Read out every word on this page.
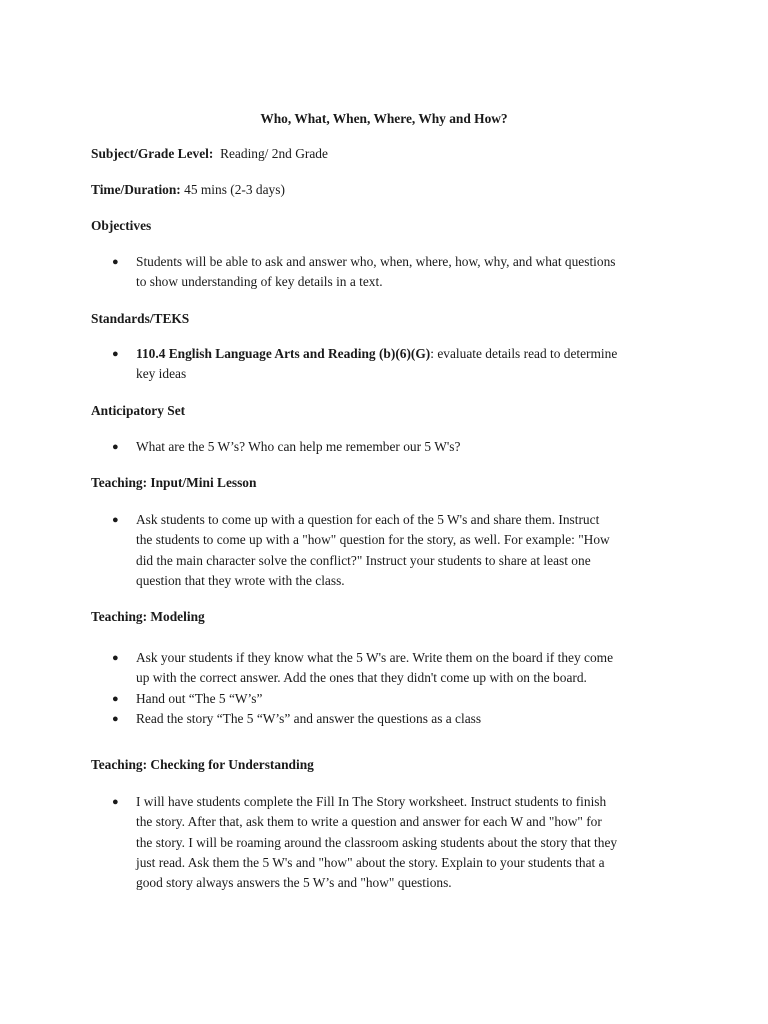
Who, What, When, Where, Why and How?
Subject/Grade Level: Reading/ 2nd Grade
Time/Duration: 45 mins (2-3 days)
Objectives
●	Students will be able to ask and answer who, when, where, how, why, and what questions
to show understanding of key details in a text.
Standards/TEKS
●	110.4 English Language Arts and Reading (b)(6)(G): evaluate details read to determine
key ideas
Anticipatory Set
●	What are the 5 W’s? Who can help me remember our 5 W's?
Teaching: Input/Mini Lesson
●	Ask students to come up with a question for each of the 5 W's and share them. Instruct
the students to come up with a "how" question for the story, as well. For example: "How
did the main character solve the conflict?" Instruct your students to share at least one
question that they wrote with the class.
Teaching: Modeling
●	Ask your students if they know what the 5 W's are. Write them on the board if they come
up with the correct answer. Add the ones that they didn't come up with on the board.
●	Hand out “The 5 “W’s”
●	Read the story “The 5 “W’s” and answer the questions as a class
Teaching: Checking for Understanding
●	I will have students complete the Fill In The Story worksheet. Instruct students to finish
the story. After that, ask them to write a question and answer for each W and "how" for
the story. I will be roaming around the classroom asking students about the story that they
just read. Ask them the 5 W's and "how" about the story. Explain to your students that a
good story always answers the 5 W’s and "how" questions.
